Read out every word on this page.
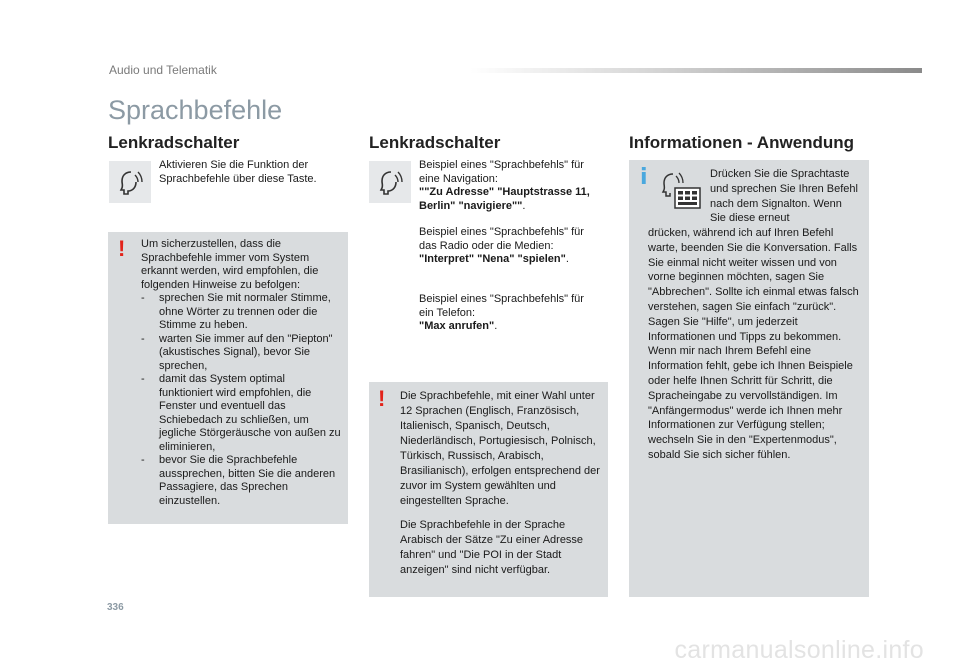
Audio und Telematik
Sprachbefehle
Lenkradschalter
Aktivieren Sie die Funktion der Sprachbefehle über diese Taste.
! Um sicherzustellen, dass die Sprachbefehle immer vom System erkannt werden, wird empfohlen, die folgenden Hinweise zu befolgen:
- sprechen Sie mit normaler Stimme, ohne Wörter zu trennen oder die Stimme zu heben.
- warten Sie immer auf den "Piepton" (akustisches Signal), bevor Sie sprechen,
- damit das System optimal funktioniert wird empfohlen, die Fenster und eventuell das Schiebedach zu schließen, um jegliche Störgeräusche von außen zu eliminieren,
- bevor Sie die Sprachbefehle aussprechen, bitten Sie die anderen Passagiere, das Sprechen einzustellen.
Lenkradschalter
Beispiel eines "Sprachbefehls" für eine Navigation:
""Zu Adresse" "Hauptstrasse 11, Berlin" "navigiere"".
Beispiel eines "Sprachbefehls" für das Radio oder die Medien:
"Interpret" "Nena" "spielen".
Beispiel eines "Sprachbefehls" für ein Telefon:
"Max anrufen".
! Die Sprachbefehle, mit einer Wahl unter 12 Sprachen (Englisch, Französisch, Italienisch, Spanisch, Deutsch, Niederländisch, Portugiesisch, Polnisch, Türkisch, Russisch, Arabisch, Brasilianisch), erfolgen entsprechend der zuvor im System gewählten und eingestellten Sprache.
Die Sprachbefehle in der Sprache Arabisch der Sätze "Zu einer Adresse fahren" und "Die POI in der Stadt anzeigen" sind nicht verfügbar.
Informationen - Anwendung
i	Drücken Sie die Sprachtaste und sprechen Sie Ihren Befehl nach dem Signalton. Wenn Sie diese erneut
drücken, während ich auf Ihren Befehl warte, beenden Sie die Konversation. Falls Sie einmal nicht weiter wissen und von vorne beginnen möchten, sagen Sie "Abbrechen". Sollte ich einmal etwas falsch verstehen, sagen Sie einfach "zurück". Sagen Sie "Hilfe", um jederzeit Informationen und Tipps zu bekommen. Wenn mir nach Ihrem Befehl eine Information fehlt, gebe ich Ihnen Beispiele oder helfe Ihnen Schritt für Schritt, die Spracheingabe zu vervollständigen. Im "Anfängermodus" werde ich Ihnen mehr Informationen zur Verfügung stellen; wechseln Sie in den "Expertenmodus", sobald Sie sich sicher fühlen.
336
carmanualsonline.info
